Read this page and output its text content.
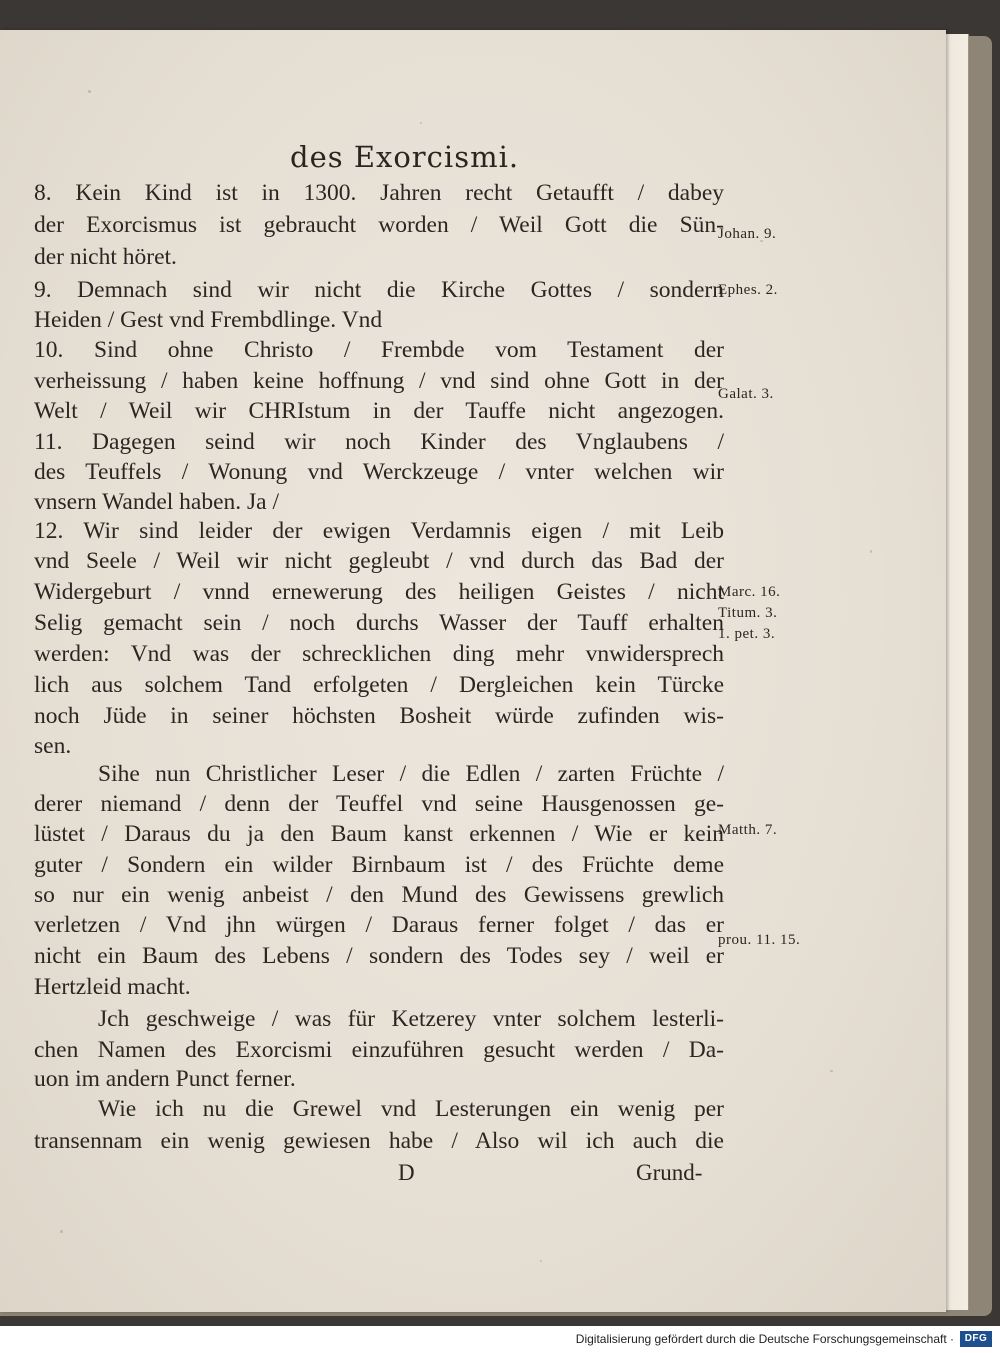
des Exorcismi.
8. Kein Kind ist in 1300. Jahren recht Getaufft / dabey
der Exorcismus ist gebraucht worden / Weil Gott die Sün-
der nicht höret.
9. Demnach sind wir nicht die Kirche Gottes / sondern
Heiden / Gest vnd Frembdlinge. Vnd
10. Sind ohne Christo / Frembde vom Testament der
verheissung / haben keine hoffnung / vnd sind ohne Gott in der
Welt / Weil wir CHRIstum in der Tauffe nicht angezogen.
11. Dagegen seind wir noch Kinder des Vnglaubens /
des Teuffels / Wonung vnd Werckzeuge / vnter welchen wir
vnsern Wandel haben. Ja /
12. Wir sind leider der ewigen Verdamnis eigen / mit Leib
vnd Seele / Weil wir nicht gegleubt / vnd durch das Bad der
Widergeburt / vnnd ernewerung des heiligen Geistes / nicht
Selig gemacht sein / noch durchs Wasser der Tauff erhalten
werden: Vnd was der schrecklichen ding mehr vnwidersprech
lich aus solchem Tand erfolgeten / Dergleichen kein Türcke
noch Jüde in seiner höchsten Bosheit würde zufinden wis-
sen.
Sihe nun Christlicher Leser / die Edlen / zarten Früchte /
derer niemand / denn der Teuffel vnd seine Hausgenossen ge-
lüstet / Daraus du ja den Baum kanst erkennen / Wie er kein
guter / Sondern ein wilder Birnbaum ist / des Früchte deme
so nur ein wenig anbeist / den Mund des Gewissens grewlich
verletzen / Vnd jhn würgen / Daraus ferner folget / das er
nicht ein Baum des Lebens / sondern des Todes sey / weil er
Hertzleid macht.
Jch geschweige / was für Ketzerey vnter solchem lesterli-
chen Namen des Exorcismi einzuführen gesucht werden / Da-
uon im andern Punct ferner.
Wie ich nu die Grewel vnd Lesterungen ein wenig per
transennam ein wenig gewiesen habe / Also wil ich auch die
Johan. 9.
Ephes. 2.
Galat. 3.
Marc. 16.
Titum. 3.
1. pet. 3.
Matth. 7.
prou. 11. 15.
D	Grund-
Digitalisierung gefördert durch die Deutsche Forschungsgemeinschaft ·	DFG
